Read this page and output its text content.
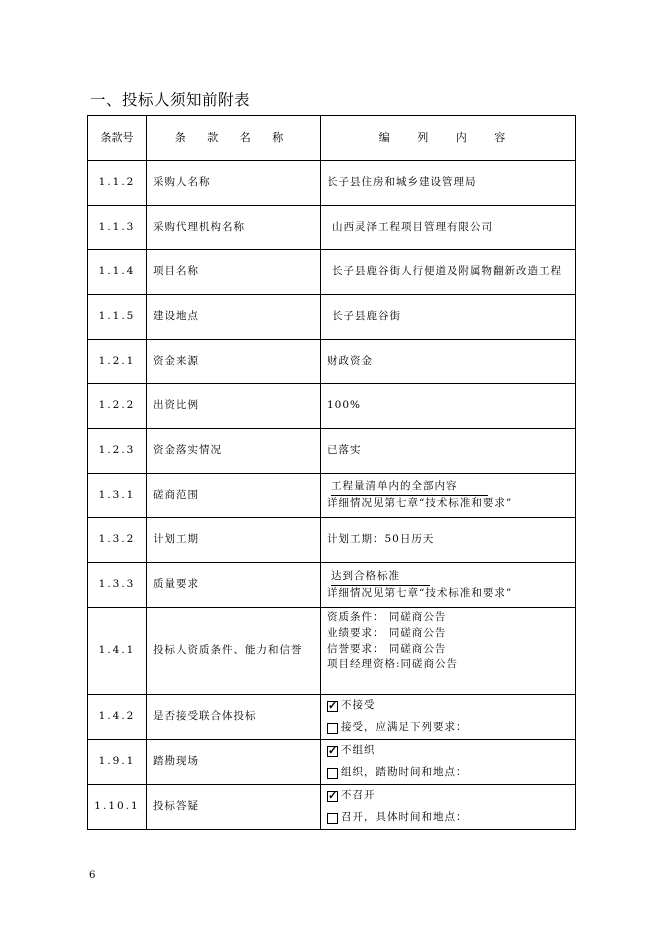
一、投标人须知前附表
条款号	条 款 名 称	编 列 内 容
1.1.2	采购人名称	长子县住房和城乡建设管理局
1.1.3	采购代理机构名称	山西灵泽工程项目管理有限公司
1.1.4	项目名称	长子县鹿谷街人行便道及附属物翻新改造工程
1.1.5	建设地点	长子县鹿谷街
1.2.1	资金来源	财政资金
1.2.2	出资比例	100%
1.2.3	资金落实情况	已落实
1.3.1	磋商范围	工程量清单内的全部内容
详细情况见第七章“技术标准和要求”

1.3.2	计划工期	计划工期：50日历天
1.3.3	质量要求	达到合格标准
详细情况见第七章“技术标准和要求”

1.4.1	投标人资质条件、能力和信誉	资质条件： 同磋商公告
业绩要求： 同磋商公告
信誉要求： 同磋商公告
项目经理资格:同磋商公告

1.4.2	是否接受联合体投标	
✓
不接受
接受，应满足下列要求：

1.9.1	踏勘现场	
✓
不组织
组织，踏勘时间和地点：

1.10.1	投标答疑	
✓
不召开
召开，具体时间和地点：
6
